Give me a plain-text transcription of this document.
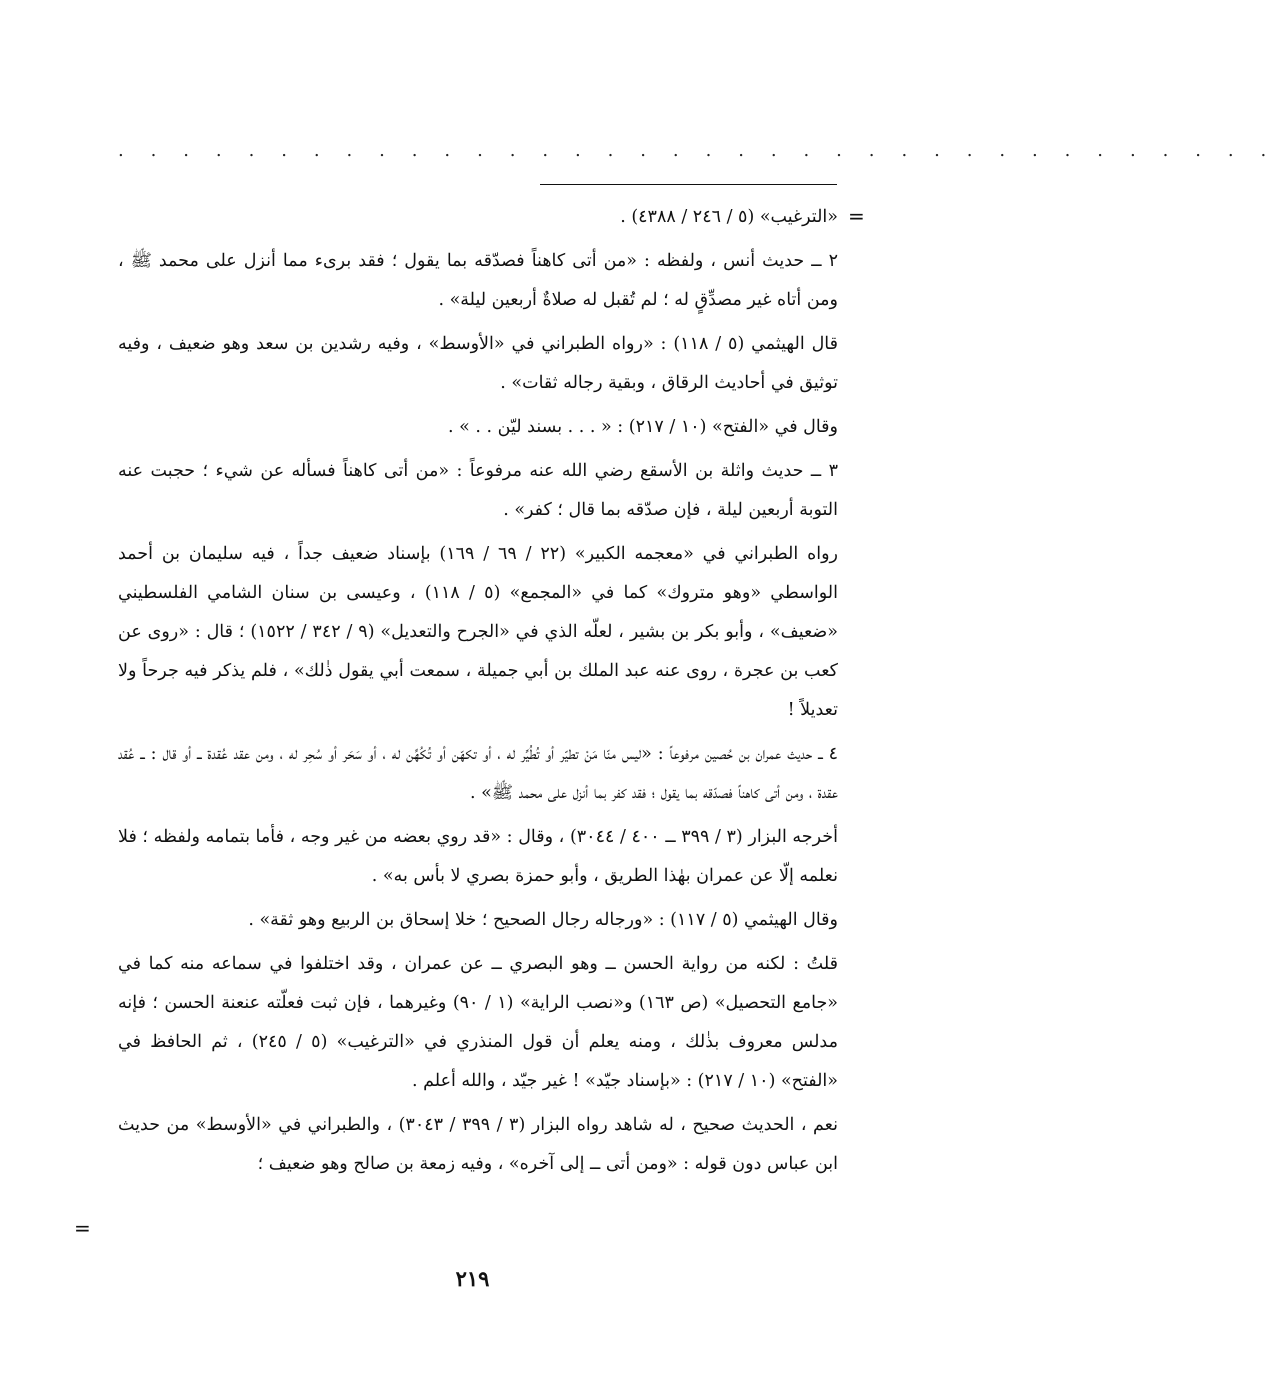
. . . . . . . . . . . . . . . . . . . . . . . . . . . . . . . . . . . .
=

«الترغيب» (٥ / ٢٤٦ / ٤٣٨٨) .

٢ ــ حديث أنس ، ولفظه : «من أتى كاهناً فصدّقه بما يقول ؛ فقد برىء مما أنزل على محمد ﷺ ، ومن أتاه غير مصدِّقٍ له ؛ لم تُقبل له صلاةٌ أربعين ليلة» .

قال الهيثمي (٥ / ١١٨) : «رواه الطبراني في «الأوسط» ، وفيه رشدين بن سعد وهو ضعيف ، وفيه توثيق في أحاديث الرقاق ، وبقية رجاله ثقات» .

وقال في «الفتح» (١٠ / ٢١٧) : « . . . بسند ليّن . . » .

٣ ــ حديث واثلة بن الأسقع رضي الله عنه مرفوعاً : «من أتى كاهناً فسأله عن شيء ؛ حجبت عنه التوبة أربعين ليلة ، فإن صدّقه بما قال ؛ كفر» .

رواه الطبراني في «معجمه الكبير» (٢٢ / ٦٩ / ١٦٩) بإسناد ضعيف جداً ، فيه سليمان بن أحمد الواسطي «وهو متروك» كما في «المجمع» (٥ / ١١٨) ، وعيسى بن سنان الشامي الفلسطيني «ضعيف» ، وأبو بكر بن بشير ، لعلّه الذي في «الجرح والتعديل» (٩ / ٣٤٢ / ١٥٢٢) ؛ قال : «روى عن كعب بن عجرة ، روى عنه عبد الملك بن أبي جميلة ، سمعت أبي يقول ذٰلك» ، فلم يذكر فيه جرحاً ولا تعديلاً !

٤ ــ حديث عمران بن حُصين مرفوعاً : «ليس منّا مَنْ تطيّر أو تُطُيِّر له ، أو تكهّن أو تُكُهِّن له ، أو سَحَر أو سُحِر له ، ومن عقد عُقدة ــ أو قال : ــ عُقد عقدة ، ومن أتى كاهناً فصدّقه بما يقول ؛ فقد كفر بما أنزل على محمد ﷺ» .

أخرجه البزار (٣ / ٣٩٩ ــ ٤٠٠ / ٣٠٤٤) ، وقال : «قد روي بعضه من غير وجه ، فأما بتمامه ولفظه ؛ فلا نعلمه إلّا عن عمران بهٰذا الطريق ، وأبو حمزة بصري لا بأس به» .

وقال الهيثمي (٥ / ١١٧) : «ورجاله رجال الصحيح ؛ خلا إسحاق بن الربيع وهو ثقة» .

قلتُ : لكنه من رواية الحسن ــ وهو البصري ــ عن عمران ، وقد اختلفوا في سماعه منه كما في «جامع التحصيل» (ص ١٦٣) و«نصب الراية» (١ / ٩٠) وغيرهما ، فإن ثبت فعلّته عنعنة الحسن ؛ فإنه مدلس معروف بذٰلك ، ومنه يعلم أن قول المنذري في «الترغيب» (٥ / ٢٤٥) ، ثم الحافظ في «الفتح» (١٠ / ٢١٧) : «بإسناد جيّد» ! غير جيّد ، والله أعلم .

نعم ، الحديث صحيح ، له شاهد رواه البزار (٣ / ٣٩٩ / ٣٠٤٣) ، والطبراني في «الأوسط» من حديث ابن عباس دون قوله : «ومن أتى ــ إلى آخره» ، وفيه زمعة بن صالح وهو ضعيف ؛

=
٢١٩
